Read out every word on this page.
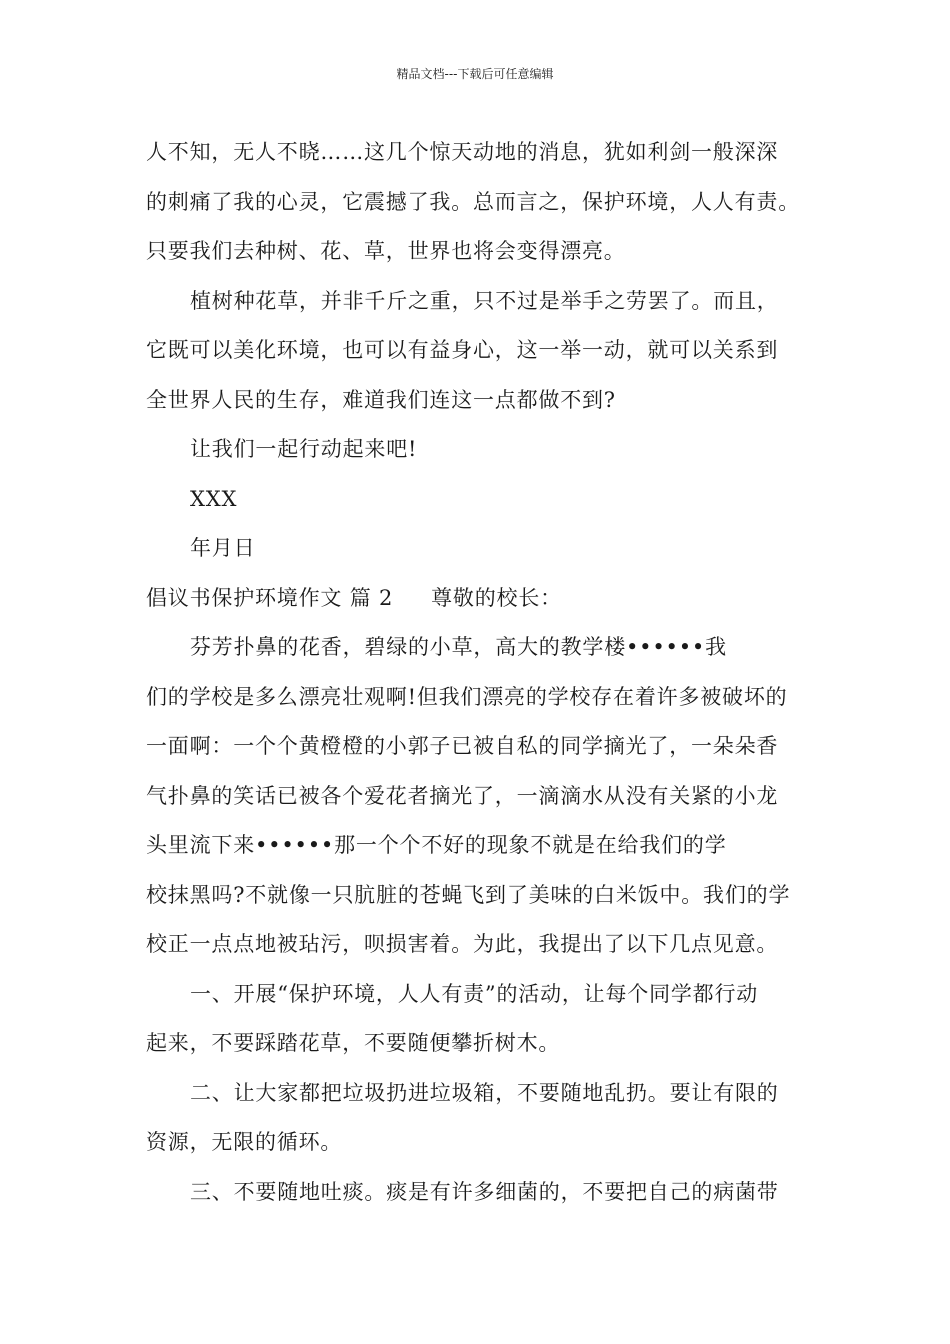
精品文档---下载后可任意编辑
人不知，无人不晓……这几个惊天动地的消息，犹如利剑一般深深
的刺痛了我的心灵，它震撼了我。总而言之，保护环境，人人有责。
只要我们去种树、花、草，世界也将会变得漂亮。
植树种花草，并非千斤之重，只不过是举手之劳罢了。而且，
它既可以美化环境，也可以有益身心，这一举一动，就可以关系到
全世界人民的生存，难道我们连这一点都做不到?
让我们一起行动起来吧!
XXX
年月日
倡议书保护环境作文 篇 2 尊敬的校长：
芬芳扑鼻的花香，碧绿的小草，高大的教学楼••••••我
们的学校是多么漂亮壮观啊!但我们漂亮的学校存在着许多被破坏的
一面啊：一个个黄橙橙的小郭子已被自私的同学摘光了，一朵朵香
气扑鼻的笑话已被各个爱花者摘光了，一滴滴水从没有关紧的小龙
头里流下来••••••那一个个不好的现象不就是在给我们的学
校抹黑吗?不就像一只肮脏的苍蝇飞到了美味的白米饭中。我们的学
校正一点点地被玷污，呗损害着。为此，我提出了以下几点见意。
一、开展“保护环境，人人有责”的活动，让每个同学都行动
起来，不要踩踏花草，不要随便攀折树木。
二、让大家都把垃圾扔进垃圾箱，不要随地乱扔。要让有限的
资源，无限的循环。
三、不要随地吐痰。痰是有许多细菌的，不要把自己的病菌带
